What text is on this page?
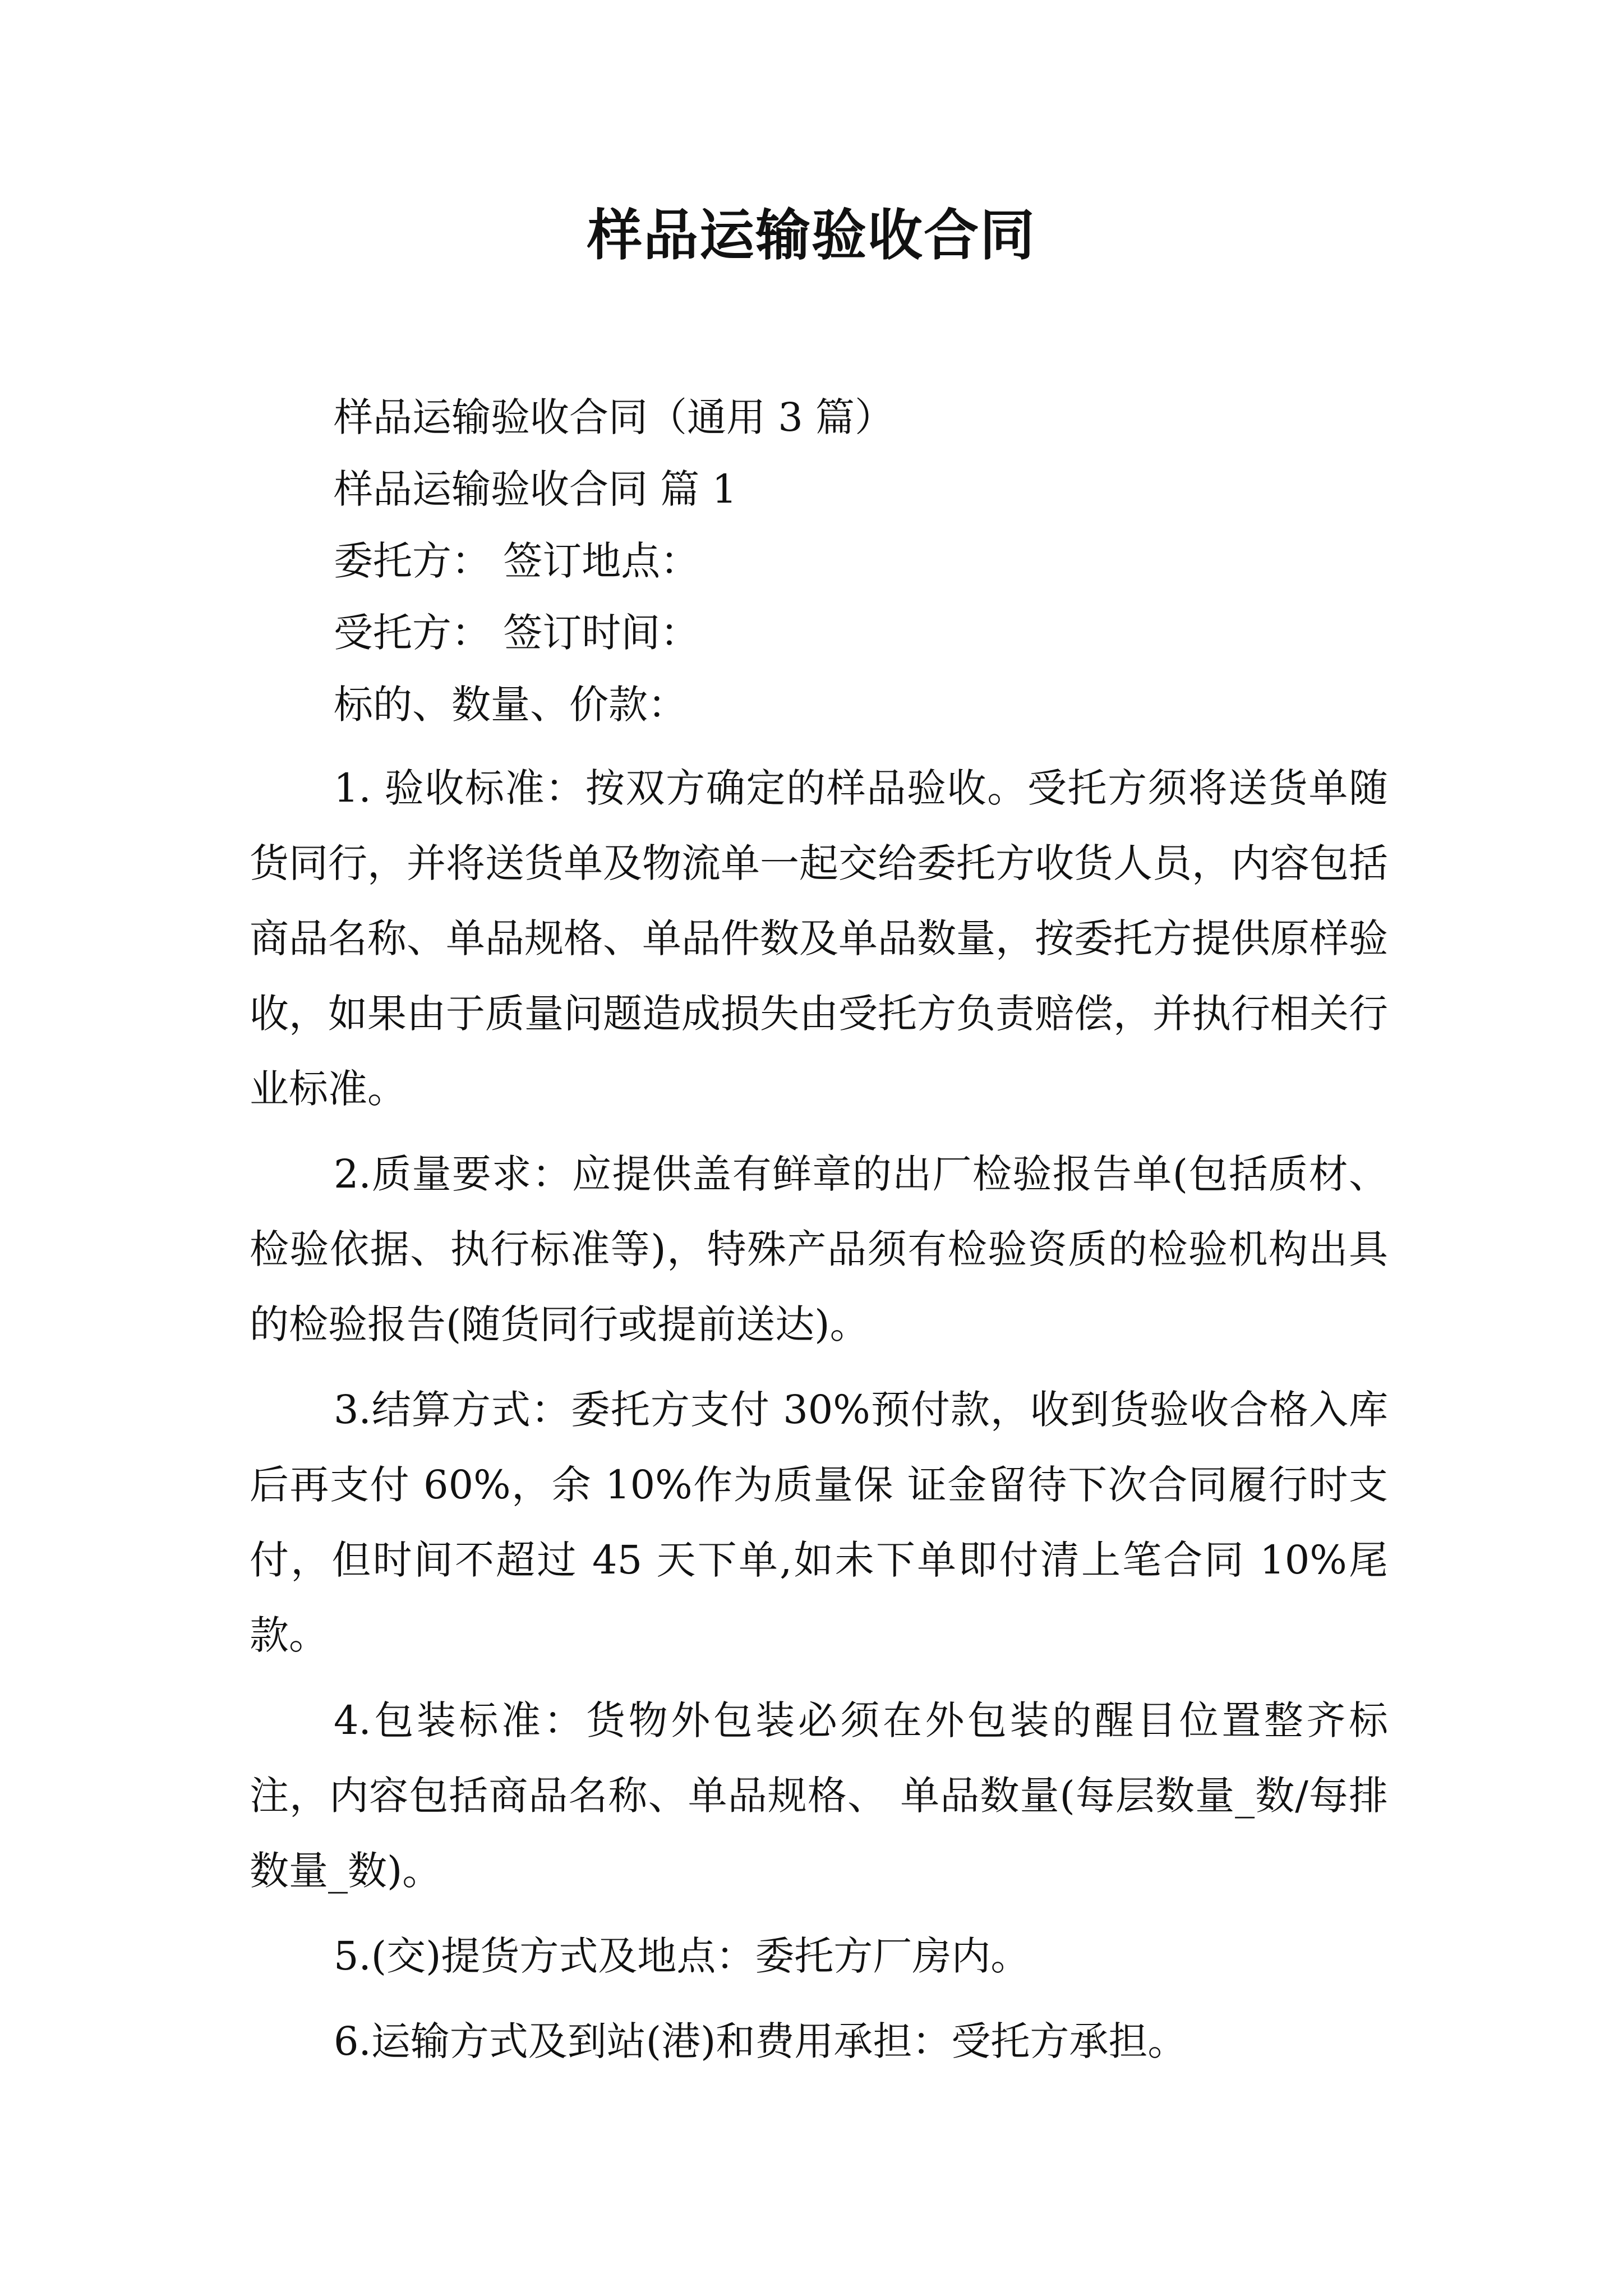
样品运输验收合同

样品运输验收合同（通用 3 篇）

样品运输验收合同 篇 1

委托方： 签订地点：

受托方： 签订时间：

标的、数量、价款：

1. 验收标准：按双方确定的样品验收。受托方须将送货单随货同行，并将送货单及物流单一起交给委托方收货人员，内容包括商品名称、单品规格、单品件数及单品数量，按委托方提供原样验收，如果由于质量问题造成损失由受托方负责赔偿，并执行相关行业标准。

2.质量要求：应提供盖有鲜章的出厂检验报告单(包括质材、检验依据、执行标准等)，特殊产品须有检验资质的检验机构出具的检验报告(随货同行或提前送达)。

3.结算方式：委托方支付 30%预付款，收到货验收合格入库后再支付 60%，余 10%作为质量保 证金留待下次合同履行时支付，但时间不超过 45 天下单,如未下单即付清上笔合同 10%尾款。

4.包装标准：货物外包装必须在外包装的醒目位置整齐标注，内容包括商品名称、单品规格、 单品数量(每层数量_数/每排数量_数)。

5.(交)提货方式及地点：委托方厂房内。

6.运输方式及到站(港)和费用承担：受托方承担。
